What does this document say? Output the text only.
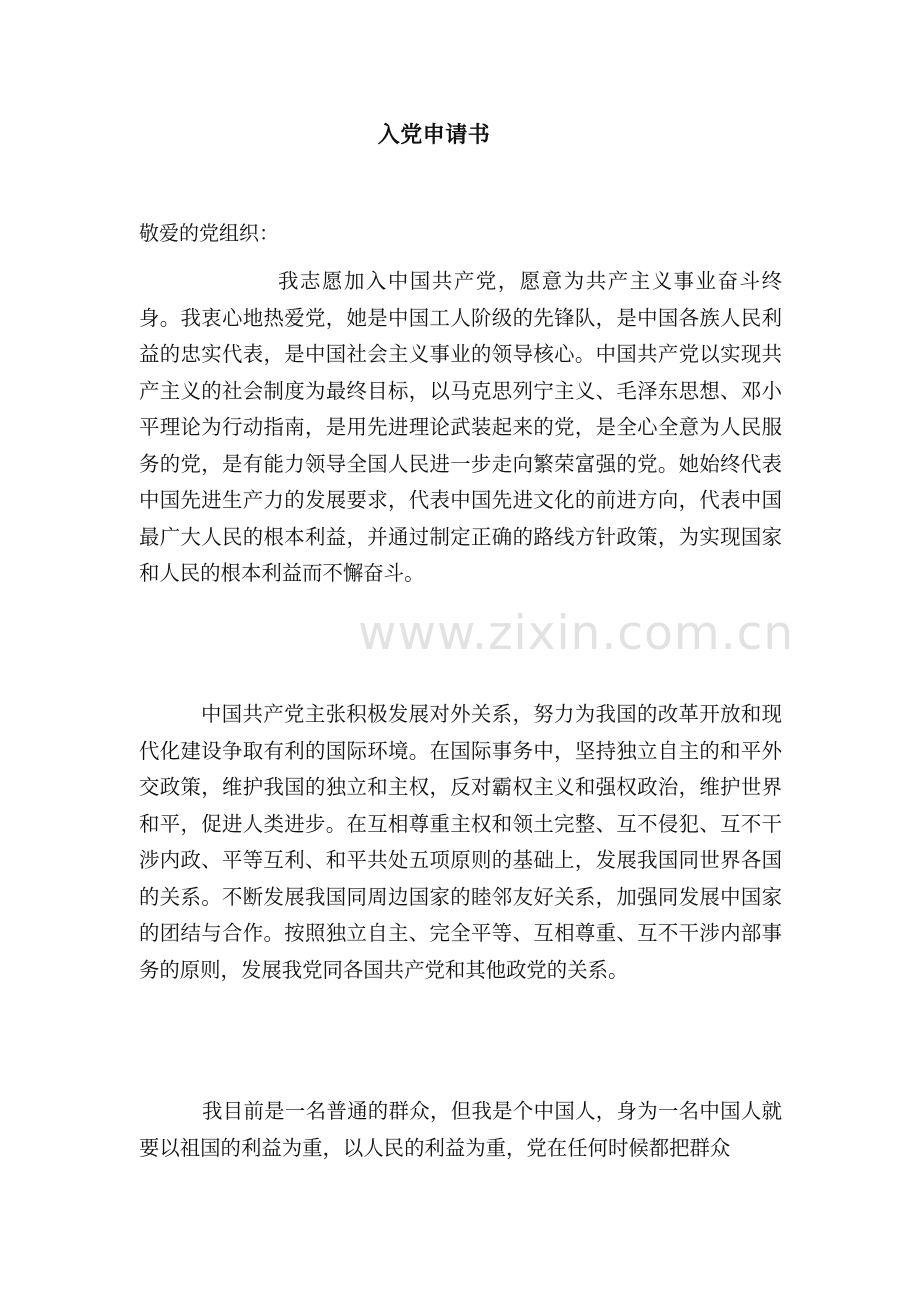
入党申请书
敬爱的党组织：

我志愿加入中国共产党，愿意为共产主义事业奋斗终身。我衷心地热爱党，她是中国工人阶级的先锋队，是中国各族人民利益的忠实代表，是中国社会主义事业的领导核心。中国共产党以实现共产主义的社会制度为最终目标，以马克思列宁主义、毛泽东思想、邓小平理论为行动指南，是用先进理论武装起来的党，是全心全意为人民服务的党，是有能力领导全国人民进一步走向繁荣富强的党。她始终代表中国先进生产力的发展要求，代表中国先进文化的前进方向，代表中国最广大人民的根本利益，并通过制定正确的路线方针政策，为实现国家和人民的根本利益而不懈奋斗。

中国共产党主张积极发展对外关系，努力为我国的改革开放和现代化建设争取有利的国际环境。在国际事务中，坚持独立自主的和平外交政策，维护我国的独立和主权，反对霸权主义和强权政治，维护世界和平，促进人类进步。在互相尊重主权和领土完整、互不侵犯、互不干涉内政、平等互利、和平共处五项原则的基础上，发展我国同世界各国的关系。不断发展我国同周边国家的睦邻友好关系，加强同发展中国家的团结与合作。按照独立自主、完全平等、互相尊重、互不干涉内部事务的原则，发展我党同各国共产党和其他政党的关系。

我目前是一名普通的群众，但我是个中国人，身为一名中国人就要以祖国的利益为重，以人民的利益为重，党在任何时候都把群众

www.zixin.com.cn
